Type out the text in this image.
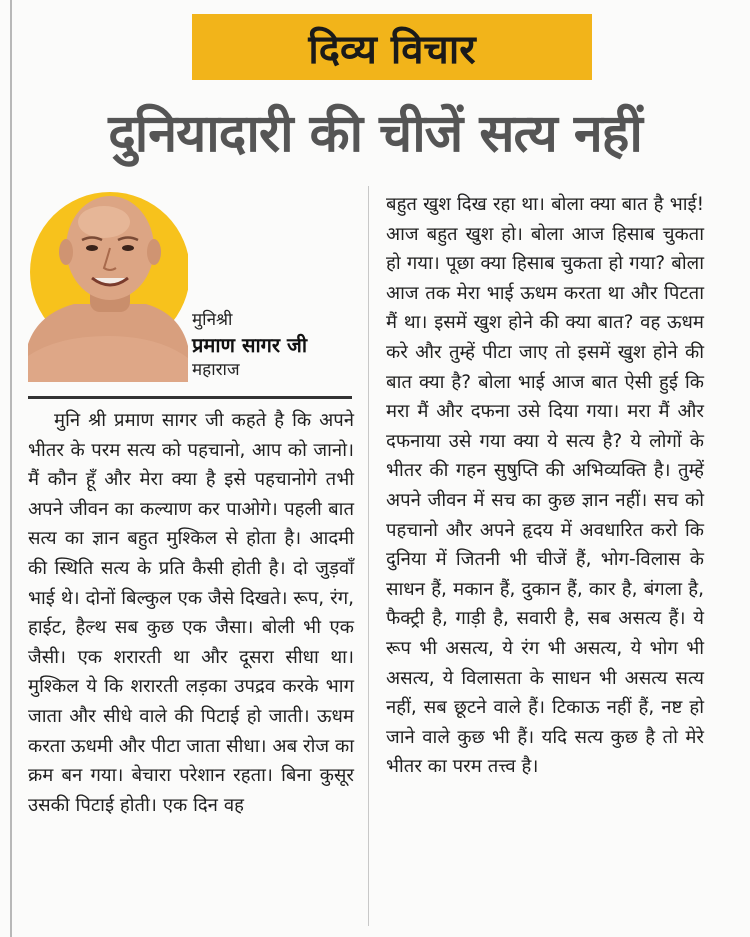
दिव्य विचार
दुनियादारी की चीजें सत्य नहीं
मुनिश्री
प्रमाण सागर जी
महाराज
मुनि श्री प्रमाण सागर जी कहते है कि अपने भीतर के परम सत्य को पहचानो, आप को जानो। मैं कौन हूँ और मेरा क्या है इसे पहचानोगे तभी अपने जीवन का कल्याण कर पाओगे। पहली बात सत्य का ज्ञान बहुत मुश्किल से होता है। आदमी की स्थिति सत्य के प्रति कैसी होती है। दो जुड़वाँ भाई थे। दोनों बिल्कुल एक जैसे दिखते। रूप, रंग, हाईट, हैल्थ सब कुछ एक जैसा। बोली भी एक जैसी। एक शरारती था और दूसरा सीधा था। मुश्किल ये कि शरारती लड़का उपद्रव करके भाग जाता और सीधे वाले की पिटाई हो जाती। ऊधम करता ऊधमी और पीटा जाता सीधा। अब रोज का क्रम बन गया। बेचारा परेशान रहता। बिना कुसूर उसकी पिटाई होती। एक दिन वह
बहुत खुश दिख रहा था। बोला क्या बात है भाई! आज बहुत खुश हो। बोला आज हिसाब चुकता हो गया। पूछा क्या हिसाब चुकता हो गया? बोला आज तक मेरा भाई ऊधम करता था और पिटता मैं था। इसमें खुश होने की क्या बात? वह ऊधम करे और तुम्हें पीटा जाए तो इसमें खुश होने की बात क्या है? बोला भाई आज बात ऐसी हुई कि मरा मैं और दफना उसे दिया गया। मरा मैं और दफनाया उसे गया क्या ये सत्य है? ये लोगों के भीतर की गहन सुषुप्ति की अभिव्यक्ति है। तुम्हें अपने जीवन में सच का कुछ ज्ञान नहीं। सच को पहचानो और अपने हृदय में अवधारित करो कि दुनिया में जितनी भी चीजें हैं, भोग-विलास के साधन हैं, मकान हैं, दुकान हैं, कार है, बंगला है, फैक्ट्री है, गाड़ी है, सवारी है, सब असत्य हैं। ये रूप भी असत्य, ये रंग भी असत्य, ये भोग भी असत्य, ये विलासता के साधन भी असत्य सत्य नहीं, सब छूटने वाले हैं। टिकाऊ नहीं हैं, नष्ट हो जाने वाले कुछ भी हैं। यदि सत्य कुछ है तो मेरे भीतर का परम तत्त्व है।
